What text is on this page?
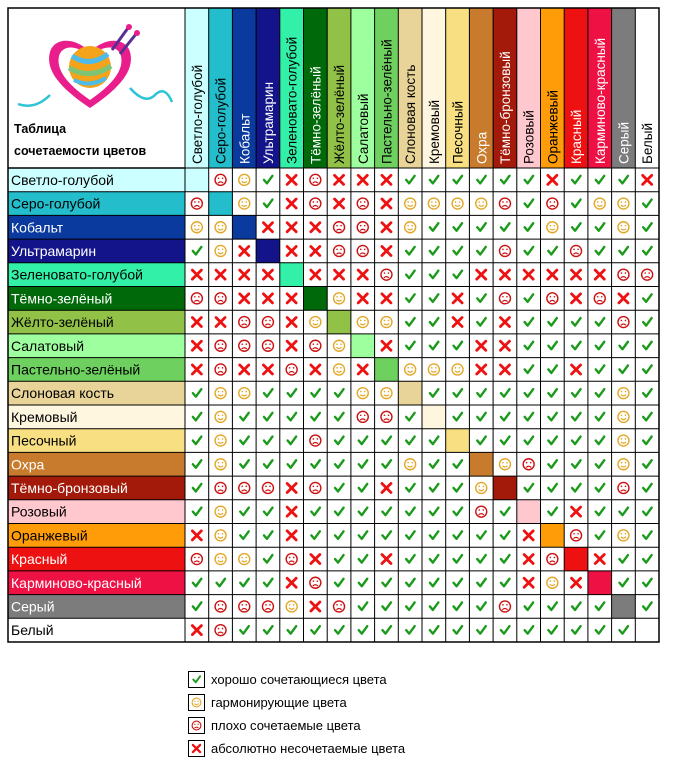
Таблица
сочетаемости цветов	Светло-голубой Серо-голубой Кобальт Ультрамарин Зеленовато-голубой Тёмно-зелёный Жёлто-зелёный Салатовый Пастельно-зелёный Слоновая кость Кремовый Песочный Охра Тёмно-бронзовый Розовый Оранжевый Красный Карминово-красный Серый Белый
Светло-голубой
Серо-голубой
Кобальт
Ультрамарин
Зеленовато-голубой
Тёмно-зелёный
Жёлто-зелёный
Салатовый
Пастельно-зелёный
Слоновая кость
Кремовый
Песочный
Охра
Тёмно-бронзовый
Розовый
Оранжевый
Красный
Карминово-красный
Серый
Белый
хорошо сочетающиеся цвета
гармонирующие цвета
плохо сочетаемые цвета
абсолютно несочетаемые цвета
